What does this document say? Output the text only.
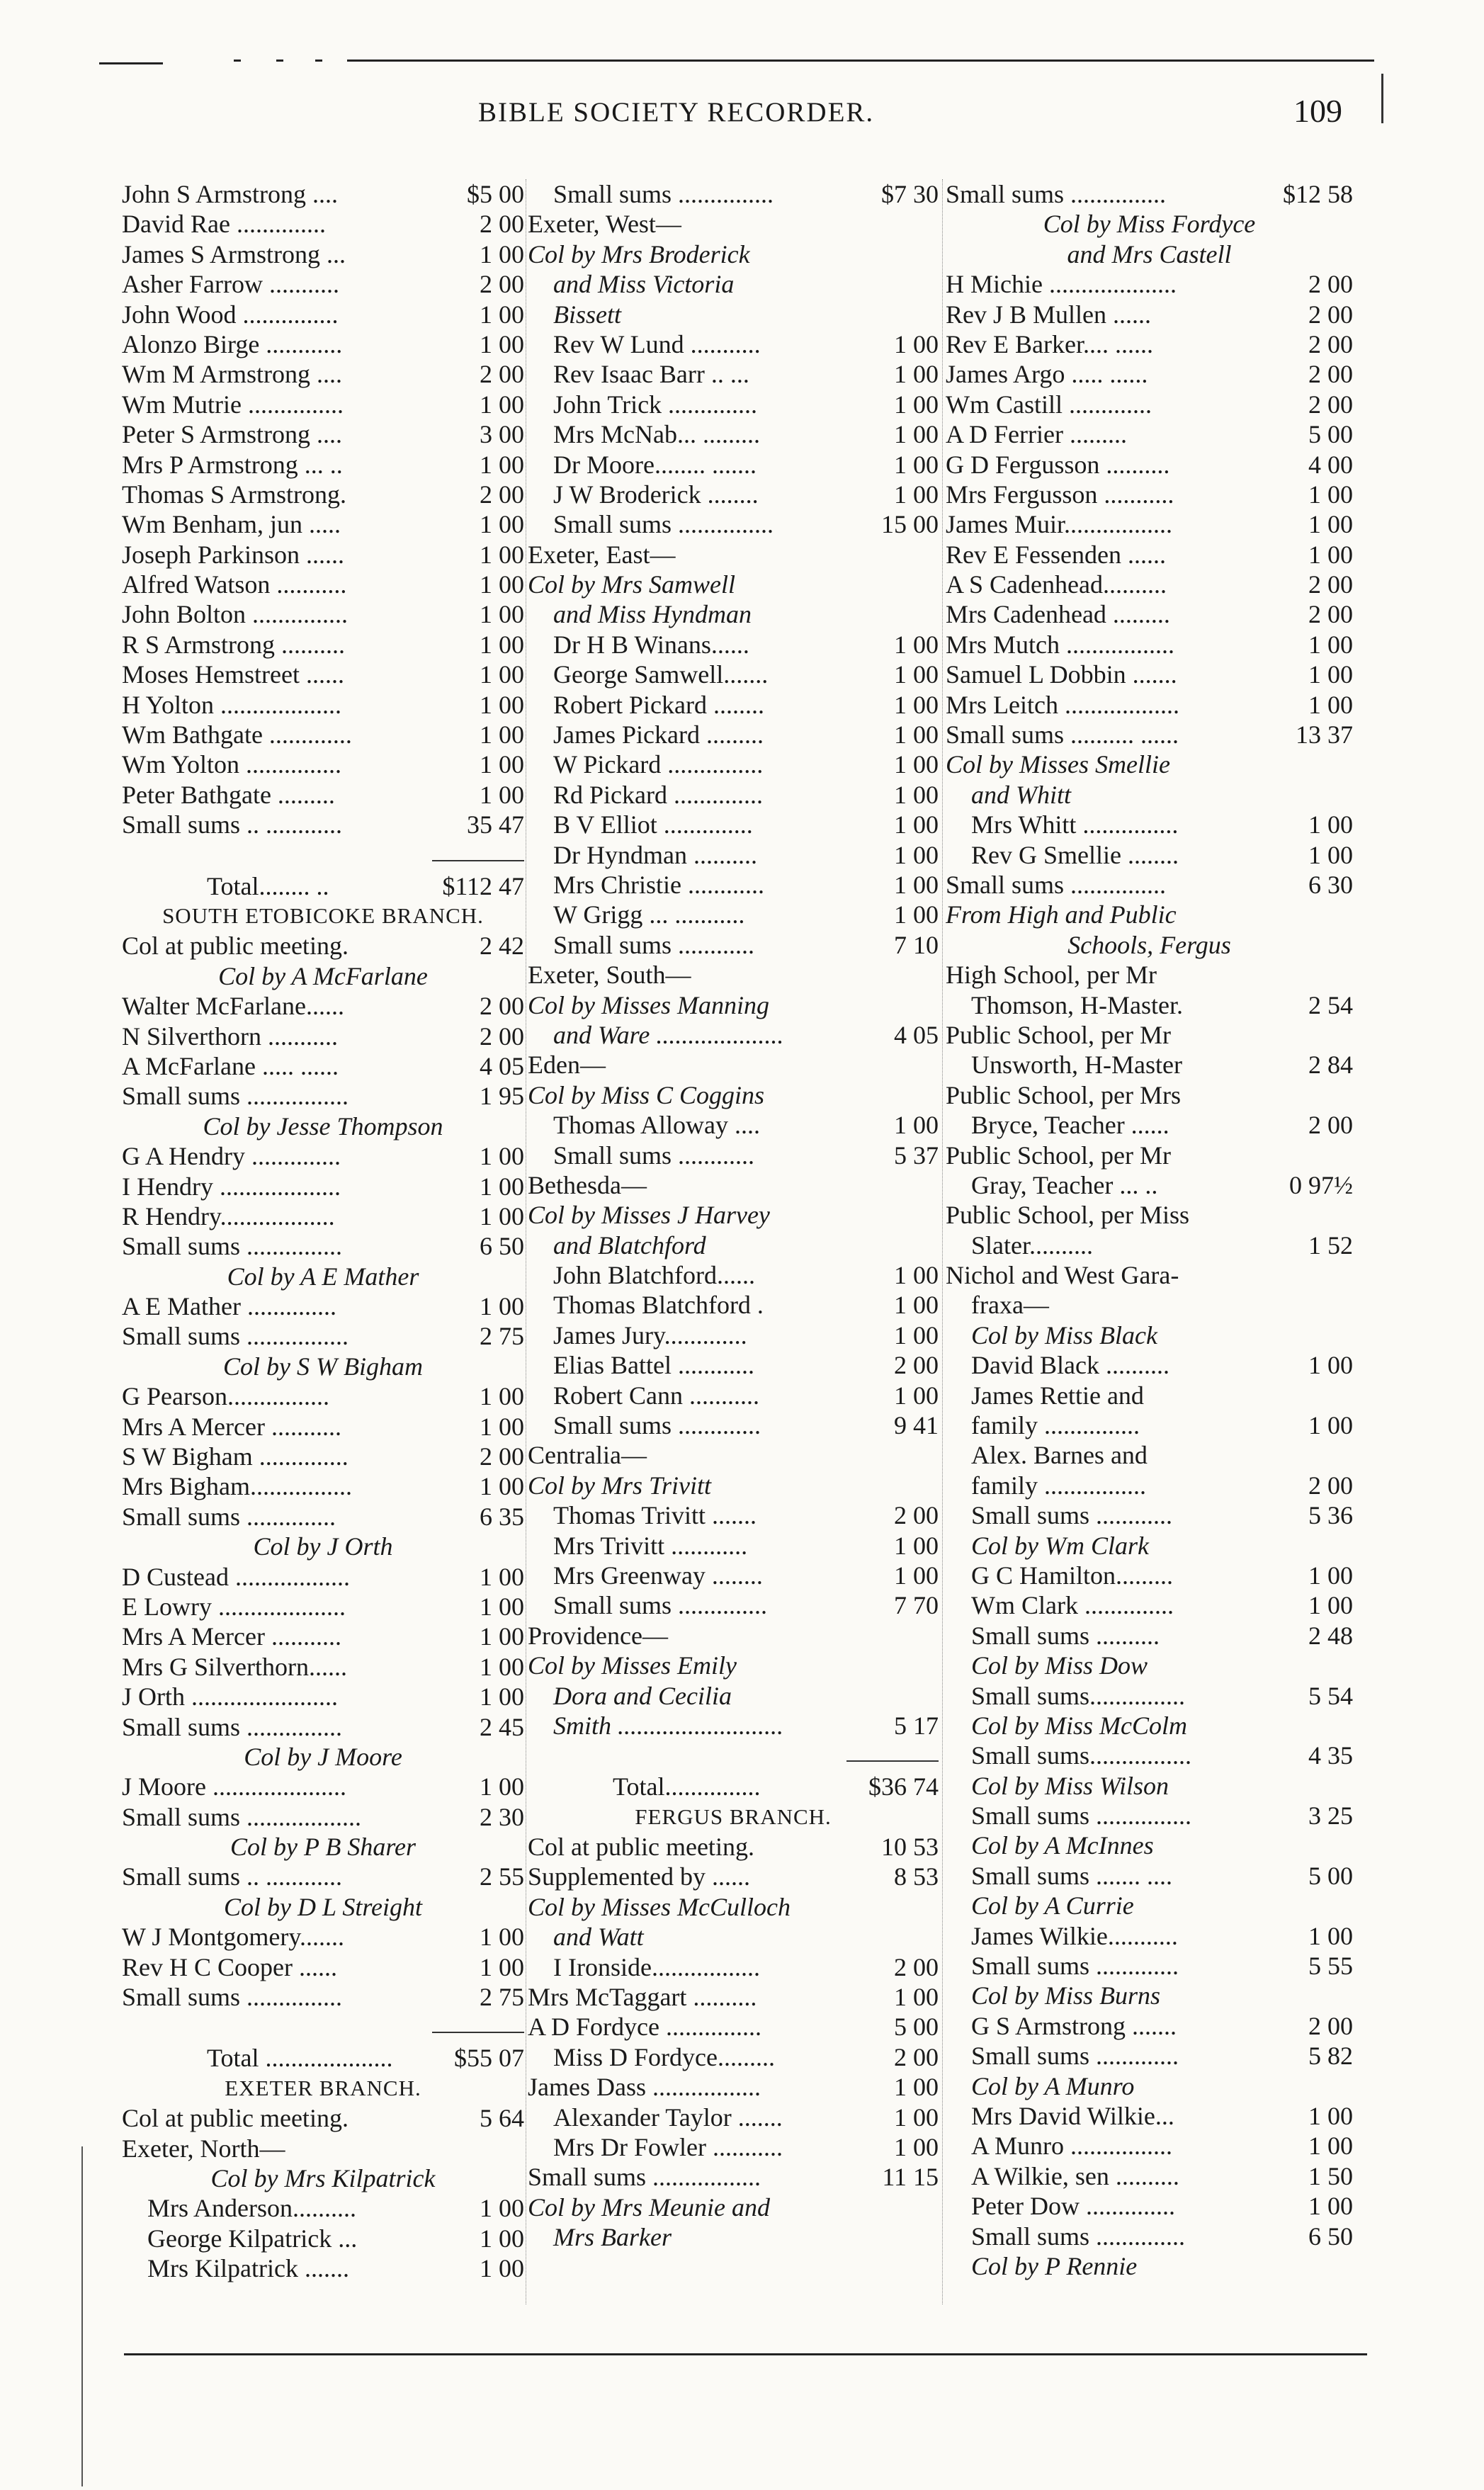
BIBLE SOCIETY RECORDER.	109
John S Armstrong ....	$5 00
David Rae ..............	2 00
James S Armstrong ...	1 00
Asher Farrow ...........	2 00
John Wood ...............	1 00
Alonzo Birge ............	1 00
Wm M Armstrong ....	2 00
Wm Mutrie ...............	1 00
Peter S Armstrong ....	3 00
Mrs P Armstrong ... ..	1 00
Thomas S Armstrong.	2 00
Wm Benham, jun .....	1 00
Joseph Parkinson ......	1 00
Alfred Watson ...........	1 00
John Bolton ...............	1 00
R S Armstrong ..........	1 00
Moses Hemstreet ......	1 00
H Yolton ...................	1 00
Wm Bathgate .............	1 00
Wm Yolton ...............	1 00
Peter Bathgate .........	1 00
Small sums .. ............	35 47
Total........ ..	$112 47
SOUTH ETOBICOKE BRANCH.
Col at public meeting.	2 42
Col by A McFarlane
Walter McFarlane......	2 00
N Silverthorn ...........	2 00
A McFarlane ..... ......	4 05
Small sums ................	1 95
Col by Jesse Thompson
G A Hendry ..............	1 00
I Hendry ...................	1 00
R Hendry..................	1 00
Small sums ...............	6 50
Col by A E Mather
A E Mather ..............	1 00
Small sums ................	2 75
Col by S W Bigham
G Pearson................	1 00
Mrs A Mercer ...........	1 00
S W Bigham ..............	2 00
Mrs Bigham................	1 00
Small sums ..............	6 35
Col by J Orth
D Custead ..................	1 00
E Lowry ....................	1 00
Mrs A Mercer ...........	1 00
Mrs G Silverthorn......	1 00
J Orth .......................	1 00
Small sums ...............	2 45
Col by J Moore
J Moore .....................	1 00
Small sums ..................	2 30
Col by P B Sharer
Small sums .. ............	2 55
Col by D L Streight
W J Montgomery.......	1 00
Rev H C Cooper ......	1 00
Small sums ...............	2 75
Total .................... $55 07
EXETER BRANCH.
Col at public meeting.	5 64
Exeter, North—
Col by Mrs Kilpatrick
Mrs Anderson..........	1 00
George Kilpatrick ...	1 00
Mrs Kilpatrick .......	1 00
Small sums ...............	$7 30
Exeter, West—
Col by Mrs Broderick
and Miss Victoria
Bissett
Rev W Lund ...........	1 00
Rev Isaac Barr .. ...	1 00
John Trick ..............	1 00
Mrs McNab... .........	1 00
Dr Moore........ .......	1 00
J W Broderick ........	1 00
Small sums ...............	15 00
Exeter, East—
Col by Mrs Samwell
and Miss Hyndman
Dr H B Winans......	1 00
George Samwell.......	1 00
Robert Pickard ........	1 00
James Pickard .........	1 00
W Pickard ...............	1 00
Rd Pickard ..............	1 00
B V Elliot ..............	1 00
Dr Hyndman ..........	1 00
Mrs Christie ............	1 00
W Grigg ... ...........	1 00
Small sums ............	7 10
Exeter, South—
Col by Misses Manning
and Ware ....................	4 05
Eden—
Col by Miss C Coggins
Thomas Alloway ....	1 00
Small sums ............	5 37
Bethesda—
Col by Misses J Harvey
and Blatchford
John Blatchford......	1 00
Thomas Blatchford .	1 00
James Jury.............	1 00
Elias Battel ............	2 00
Robert Cann ...........	1 00
Small sums .............	9 41
Centralia—
Col by Mrs Trivitt
Thomas Trivitt .......	2 00
Mrs Trivitt ............	1 00
Mrs Greenway ........	1 00
Small sums ..............	7 70
Providence—
Col by Misses Emily
Dora and Cecilia
Smith ..........................	5 17
Total...............	$36 74
FERGUS BRANCH.
Col at public meeting.	10 53
Supplemented by ......	8 53
Col by Misses McCulloch
and Watt
I Ironside.................	2 00
Mrs McTaggart ..........	1 00
A D Fordyce ...............	5 00
Miss D Fordyce.........	2 00
James Dass .................	1 00
Alexander Taylor .......	1 00
Mrs Dr Fowler ...........	1 00
Small sums .................	11 15
Col by Mrs Meunie and
Mrs Barker
Small sums ...............	$12 58
Col by Miss Fordyce
and Mrs Castell
H Michie ....................	2 00
Rev J B Mullen ......	2 00
Rev E Barker.... ......	2 00
James Argo ..... ......	2 00
Wm Castill .............	2 00
A D Ferrier .........	5 00
G D Fergusson ..........	4 00
Mrs Fergusson ...........	1 00
James Muir.................	1 00
Rev E Fessenden ......	1 00
A S Cadenhead..........	2 00
Mrs Cadenhead .........	2 00
Mrs Mutch .................	1 00
Samuel L Dobbin .......	1 00
Mrs Leitch ..................	1 00
Small sums .......... ......	13 37
Col by Misses Smellie
and Whitt
Mrs Whitt ...............	1 00
Rev G Smellie ........	1 00
Small sums ...............	6 30
From High and Public
Schools, Fergus
High School, per Mr
Thomson, H-Master.	2 54
Public School, per Mr
Unsworth, H-Master	2 84
Public School, per Mrs
Bryce, Teacher ......	2 00
Public School, per Mr
Gray, Teacher ... ..	0 97½
Public School, per Miss
Slater..........	1 52
Nichol and West Gara-
fraxa—
Col by Miss Black
David Black ..........	1 00
James Rettie and
family ...............	1 00
Alex. Barnes and
family ................	2 00
Small sums ............	5 36
Col by Wm Clark
G C Hamilton.........	1 00
Wm Clark ..............	1 00
Small sums ..........	2 48
Col by Miss Dow
Small sums...............	5 54
Col by Miss McColm
Small sums................	4 35
Col by Miss Wilson
Small sums ...............	3 25
Col by A McInnes
Small sums ....... ....	5 00
Col by A Currie
James Wilkie...........	1 00
Small sums .............	5 55
Col by Miss Burns
G S Armstrong .......	2 00
Small sums .............	5 82
Col by A Munro
Mrs David Wilkie...	1 00
A Munro ................	1 00
A Wilkie, sen ..........	1 50
Peter Dow ..............	1 00
Small sums ..............	6 50
Col by P Rennie
